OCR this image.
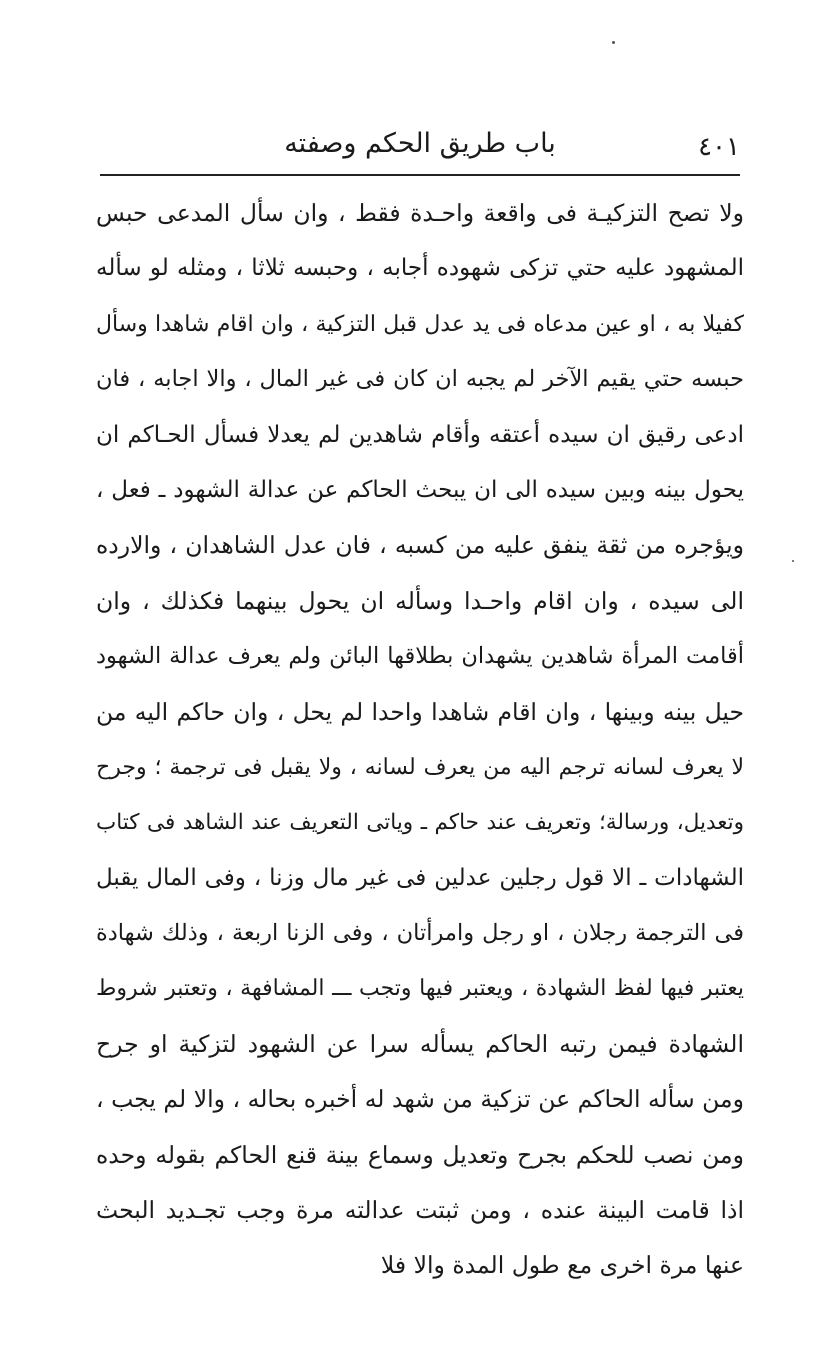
٤٠١
باب طريق الحكم وصفته
ولا تصح التزكيـة فى واقعة واحـدة فقط ، وان سأل المدعى حبس
المشهود عليه حتي تزكى شهوده أجابه ، وحبسه ثلاثا ، ومثله لو سأله
كفيلا به ، او عين مدعاه فى يد عدل قبل التزكية ، وان اقام شاهدا وسأل
حبسه حتي يقيم الآخر لم يجبه ان كان فى غير المال ، والا اجابه ، فان
ادعى رقيق ان سيده أعتقه وأقام شاهدين لم يعدلا فسأل الحـاكم ان
يحول بينه وبين سيده الى ان يبحث الحاكم عن عدالة الشهود ـ فعل ،
ويؤجره من ثقة ينفق عليه من كسبه ، فان عدل الشاهدان ، والارده
الى سيده ، وان اقام واحـدا وسأله ان يحول بينهما فكذلك ، وان
أقامت المرأة شاهدين يشهدان بطلاقها البائن ولم يعرف عدالة الشهود
حيل بينه وبينها ، وان اقام شاهدا واحدا لم يحل ، وان حاكم اليه من
لا يعرف لسانه ترجم اليه من يعرف لسانه ، ولا يقبل فى ترجمة ؛ وجرح
وتعديل، ورسالة؛ وتعريف عند حاكم ـ وياتى التعريف عند الشاهد فى كتاب
الشهادات ـ الا قول رجلين عدلين فى غير مال وزنا ، وفى المال يقبل
فى الترجمة رجلان ، او رجل وامرأتان ، وفى الزنا اربعة ، وذلك شهادة
يعتبر فيها لفظ الشهادة ، ويعتبر فيها وتجب ـــ المشافهة ، وتعتبر شروط
الشهادة فيمن رتبه الحاكم يسأله سرا عن الشهود لتزكية او جرح
ومن سأله الحاكم عن تزكية من شهد له أخبره بحاله ، والا لم يجب ،
ومن نصب للحكم بجرح وتعديل وسماع بينة قنع الحاكم بقوله وحده
اذا قامت البينة عنده ، ومن ثبتت عدالته مرة وجب تجـديد البحث
عنها مرة اخرى مع طول المدة والا فلا
